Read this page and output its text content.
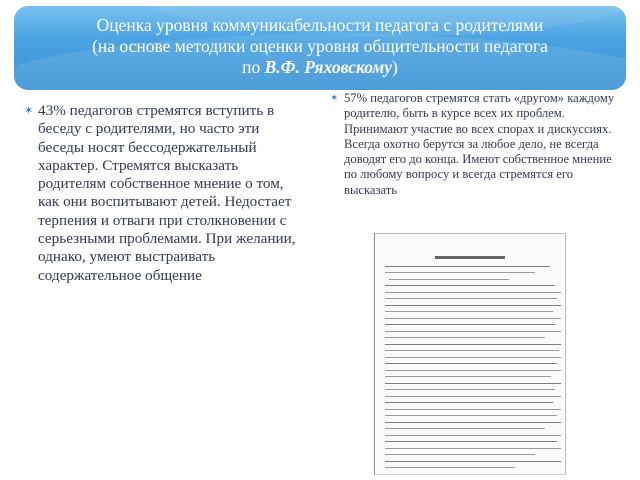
Оценка уровня коммуникабельности педагога с родителями
(на основе методики оценки уровня общительности педагога
по В.Ф. Ряховскому)
✶ 43% педагогов стремятся вступить в беседу с родителями, но часто эти беседы носят бессодержательный характер. Стремятся высказать родителям собственное мнение о том, как они воспитывают детей. Недостает терпения и отваги при столкновении с серьезными проблемами. При желании, однако, умеют выстраивать содержательное общение
✶ 57% педагогов стремятся стать «другом» каждому родителю, быть в курсе всех их проблем. Принимают участие во всех спорах и дискуссиях. Всегда охотно берутся за любое дело, не всегда доводят его до конца. Имеют собственное мнение по любому вопросу и всегда стремятся его высказать
